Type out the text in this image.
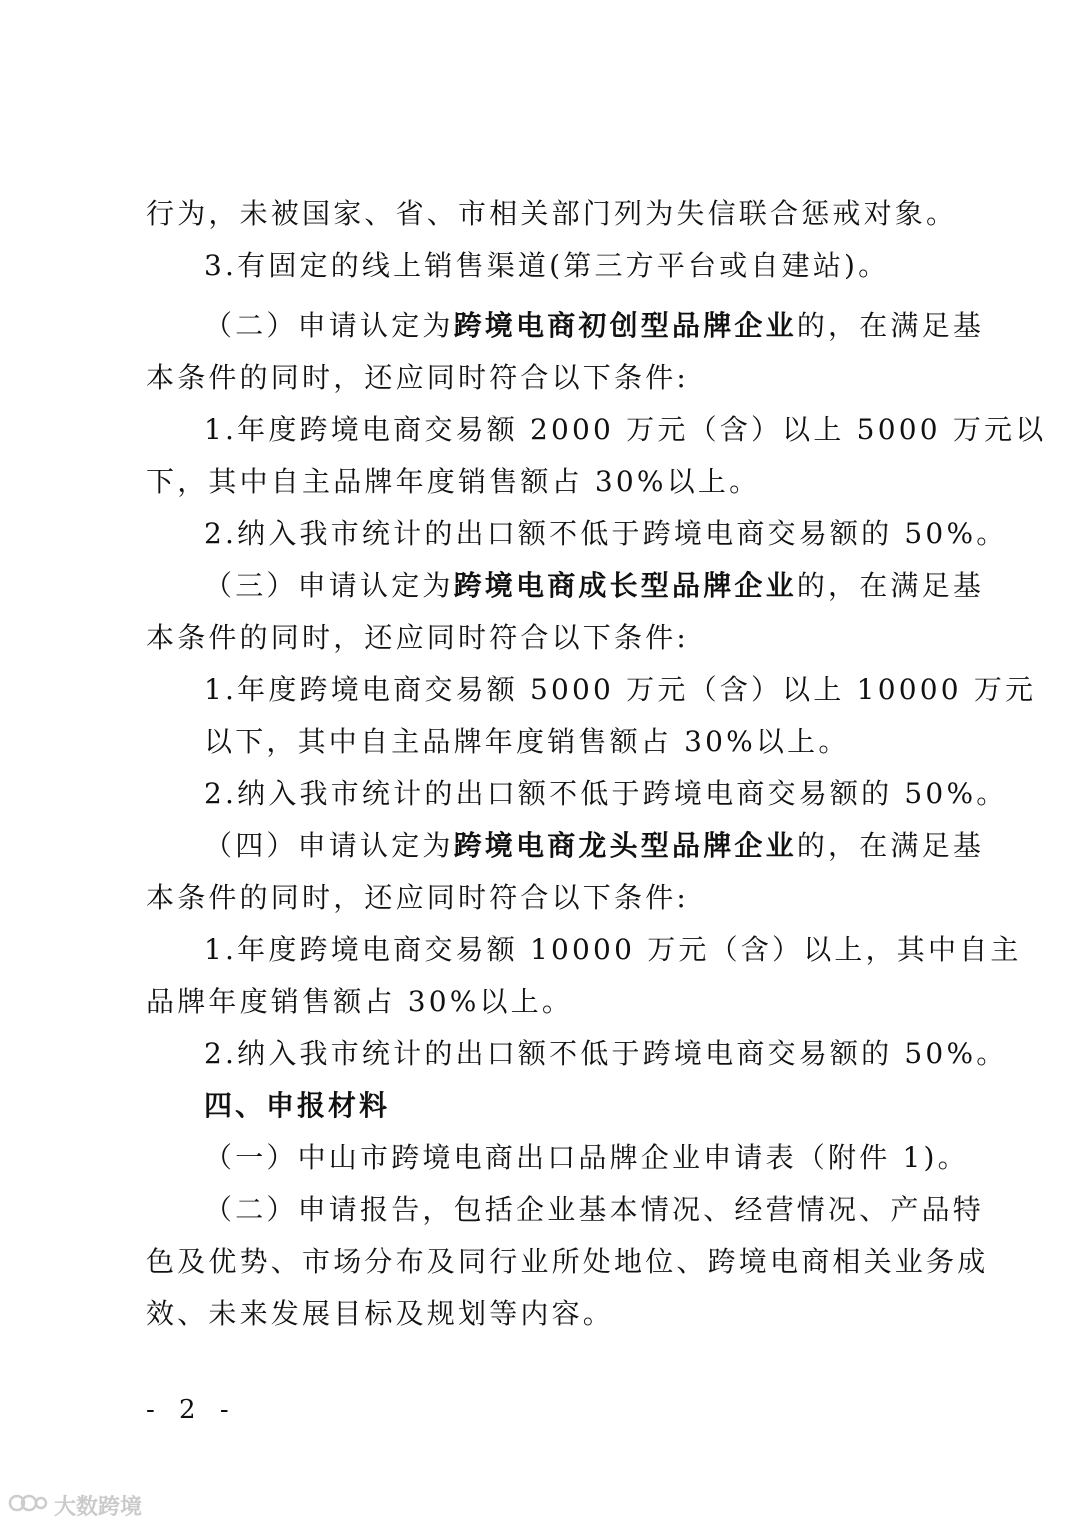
行为，未被国家、省、市相关部门列为失信联合惩戒对象。
3.有固定的线上销售渠道(第三方平台或自建站)。
（二）申请认定为跨境电商初创型品牌企业的，在满足基
本条件的同时，还应同时符合以下条件:
1.年度跨境电商交易额 2000 万元（含）以上 5000 万元以
下，其中自主品牌年度销售额占 30%以上。
2.纳入我市统计的出口额不低于跨境电商交易额的 50%。
（三）申请认定为跨境电商成长型品牌企业的，在满足基
本条件的同时，还应同时符合以下条件:
1.年度跨境电商交易额 5000 万元（含）以上 10000 万元
以下，其中自主品牌年度销售额占 30%以上。
2.纳入我市统计的出口额不低于跨境电商交易额的 50%。
（四）申请认定为跨境电商龙头型品牌企业的，在满足基
本条件的同时，还应同时符合以下条件:
1.年度跨境电商交易额 10000 万元（含）以上，其中自主
品牌年度销售额占 30%以上。
2.纳入我市统计的出口额不低于跨境电商交易额的 50%。
四、申报材料
（一）中山市跨境电商出口品牌企业申请表（附件 1)。
（二）申请报告，包括企业基本情况、经营情况、产品特
色及优势、市场分布及同行业所处地位、跨境电商相关业务成
效、未来发展目标及规划等内容。
- 2 -
大数跨境
